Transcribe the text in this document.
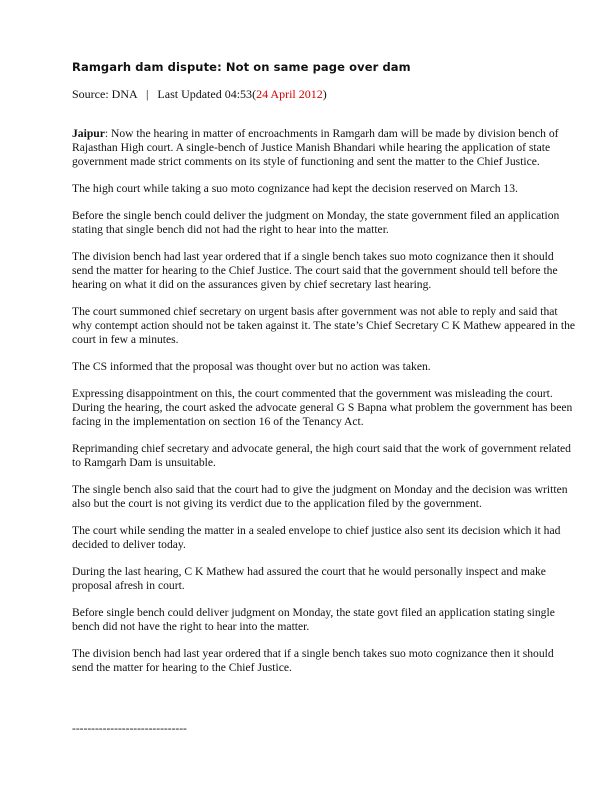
Ramgarh dam dispute: Not on same page over dam
Source: DNA | Last Updated 04:53(24 April 2012)

Jaipur: Now the hearing in matter of encroachments in Ramgarh dam will be made by division bench of Rajasthan High court. A single-bench of Justice Manish Bhandari while hearing the application of state government made strict comments on its style of functioning and sent the matter to the Chief Justice.

The high court while taking a suo moto cognizance had kept the decision reserved on March 13.

Before the single bench could deliver the judgment on Monday, the state government filed an application stating that single bench did not had the right to hear into the matter.

The division bench had last year ordered that if a single bench takes suo moto cognizance then it should send the matter for hearing to the Chief Justice. The court said that the government should tell before the hearing on what it did on the assurances given by chief secretary last hearing.

The court summoned chief secretary on urgent basis after government was not able to reply and said that why contempt action should not be taken against it. The state’s Chief Secretary C K Mathew appeared in the court in few a minutes.

The CS informed that the proposal was thought over but no action was taken.

Expressing disappointment on this, the court commented that the government was misleading the court. During the hearing, the court asked the advocate general G S Bapna what problem the government has been facing in the implementation on section 16 of the Tenancy Act.

Reprimanding chief secretary and advocate general, the high court said that the work of government related to Ramgarh Dam is unsuitable.

The single bench also said that the court had to give the judgment on Monday and the decision was written also but the court is not giving its verdict due to the application filed by the government.

The court while sending the matter in a sealed envelope to chief justice also sent its decision which it had decided to deliver today.

During the last hearing, C K Mathew had assured the court that he would personally inspect and make proposal afresh in court.

Before single bench could deliver judgment on Monday, the state govt filed an application stating single bench did not have the right to hear into the matter.

The division bench had last year ordered that if a single bench takes suo moto cognizance then it should send the matter for hearing to the Chief Justice.

------------------------------
